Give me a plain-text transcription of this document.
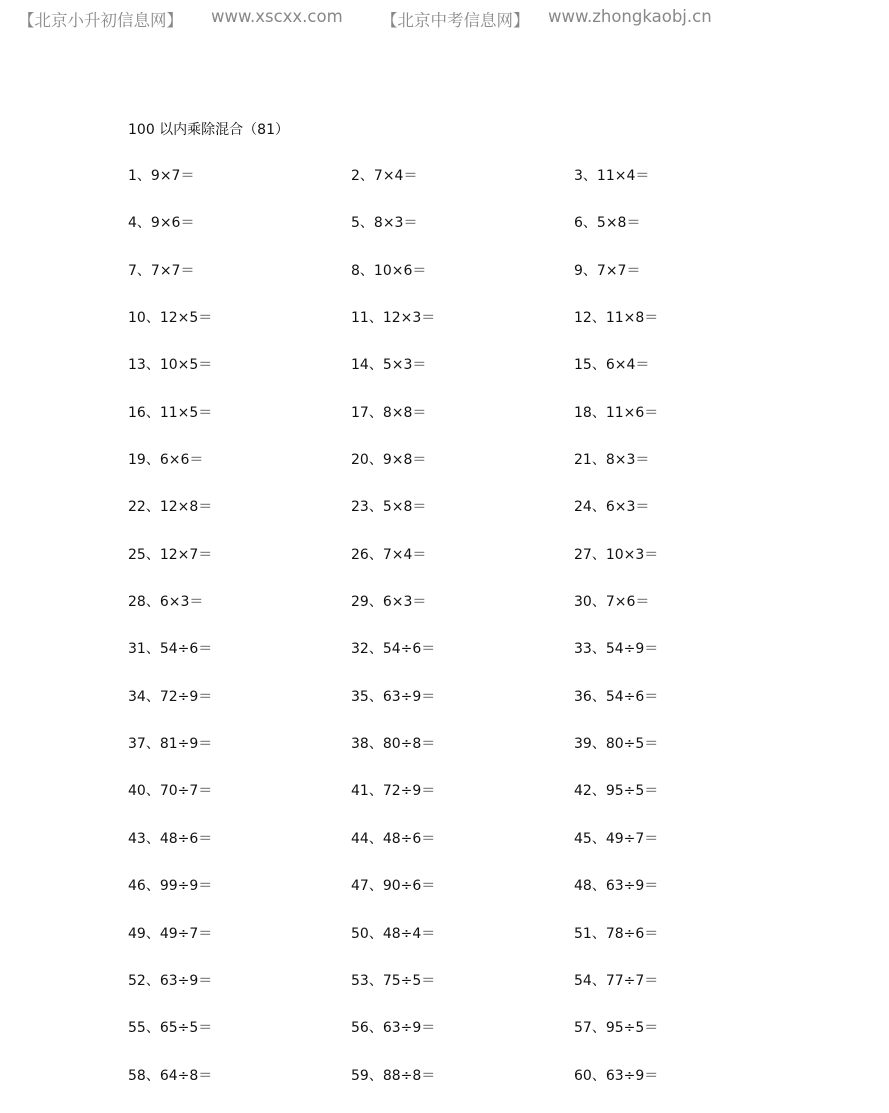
【北京小升初信息网】	www.xscxx.com	【北京中考信息网】	www.zhongkaobj.cn
100 以内乘除混合（81）
1、9×7＝	2、7×4＝	3、11×4＝
4、9×6＝	5、8×3＝	6、5×8＝
7、7×7＝	8、10×6＝	9、7×7＝
10、12×5＝	11、12×3＝	12、11×8＝
13、10×5＝	14、5×3＝	15、6×4＝
16、11×5＝	17、8×8＝	18、11×6＝
19、6×6＝	20、9×8＝	21、8×3＝
22、12×8＝	23、5×8＝	24、6×3＝
25、12×7＝	26、7×4＝	27、10×3＝
28、6×3＝	29、6×3＝	30、7×6＝
31、54÷6＝	32、54÷6＝	33、54÷9＝
34、72÷9＝	35、63÷9＝	36、54÷6＝
37、81÷9＝	38、80÷8＝	39、80÷5＝
40、70÷7＝	41、72÷9＝	42、95÷5＝
43、48÷6＝	44、48÷6＝	45、49÷7＝
46、99÷9＝	47、90÷6＝	48、63÷9＝
49、49÷7＝	50、48÷4＝	51、78÷6＝
52、63÷9＝	53、75÷5＝	54、77÷7＝
55、65÷5＝	56、63÷9＝	57、95÷5＝
58、64÷8＝	59、88÷8＝	60、63÷9＝
